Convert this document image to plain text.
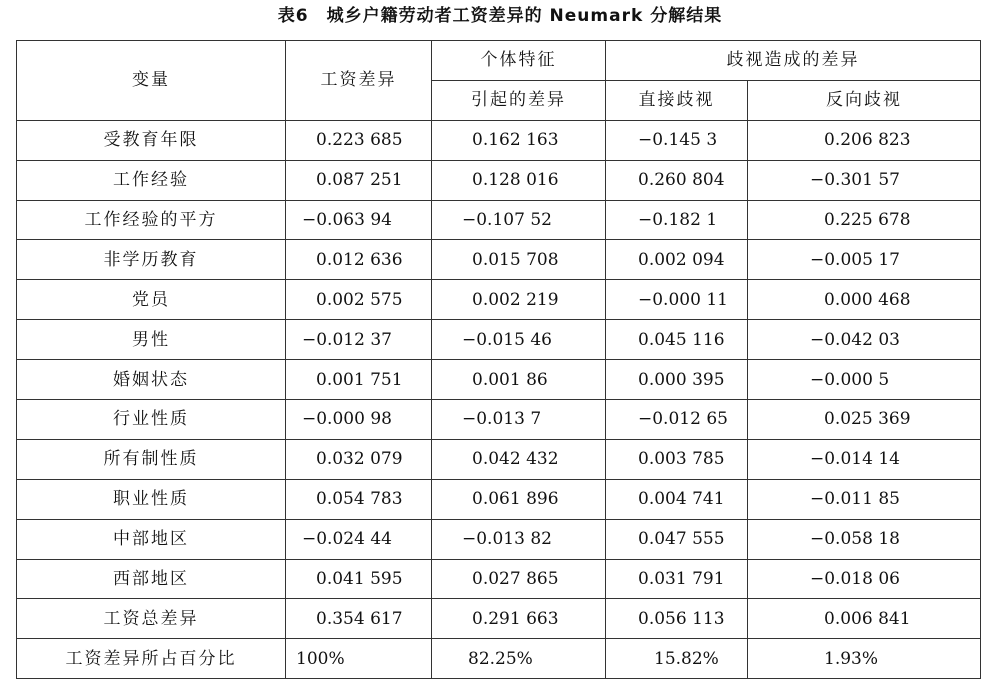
表6　城乡户籍劳动者工资差异的 Neumark 分解结果
变量	工资差异	个体特征	歧视造成的差异	
		引起的差异	直接歧视	反向歧视
受教育年限	0.223 685	0.162 163	−0.145 3	0.206 823
工作经验	0.087 251	0.128 016	0.260 804	−0.301 57
工作经验的平方	−0.063 94	−0.107 52	−0.182 1	0.225 678
非学历教育	0.012 636	0.015 708	0.002 094	−0.005 17
党员	0.002 575	0.002 219	−0.000 11	0.000 468
男性	−0.012 37	−0.015 46	0.045 116	−0.042 03
婚姻状态	0.001 751	0.001 86	0.000 395	−0.000 5
行业性质	−0.000 98	−0.013 7	−0.012 65	0.025 369
所有制性质	0.032 079	0.042 432	0.003 785	−0.014 14
职业性质	0.054 783	0.061 896	0.004 741	−0.011 85
中部地区	−0.024 44	−0.013 82	0.047 555	−0.058 18
西部地区	0.041 595	0.027 865	0.031 791	−0.018 06
工资总差异	0.354 617	0.291 663	0.056 113	0.006 841
工资差异所占百分比	100%	82.25%	15.82%	1.93%
